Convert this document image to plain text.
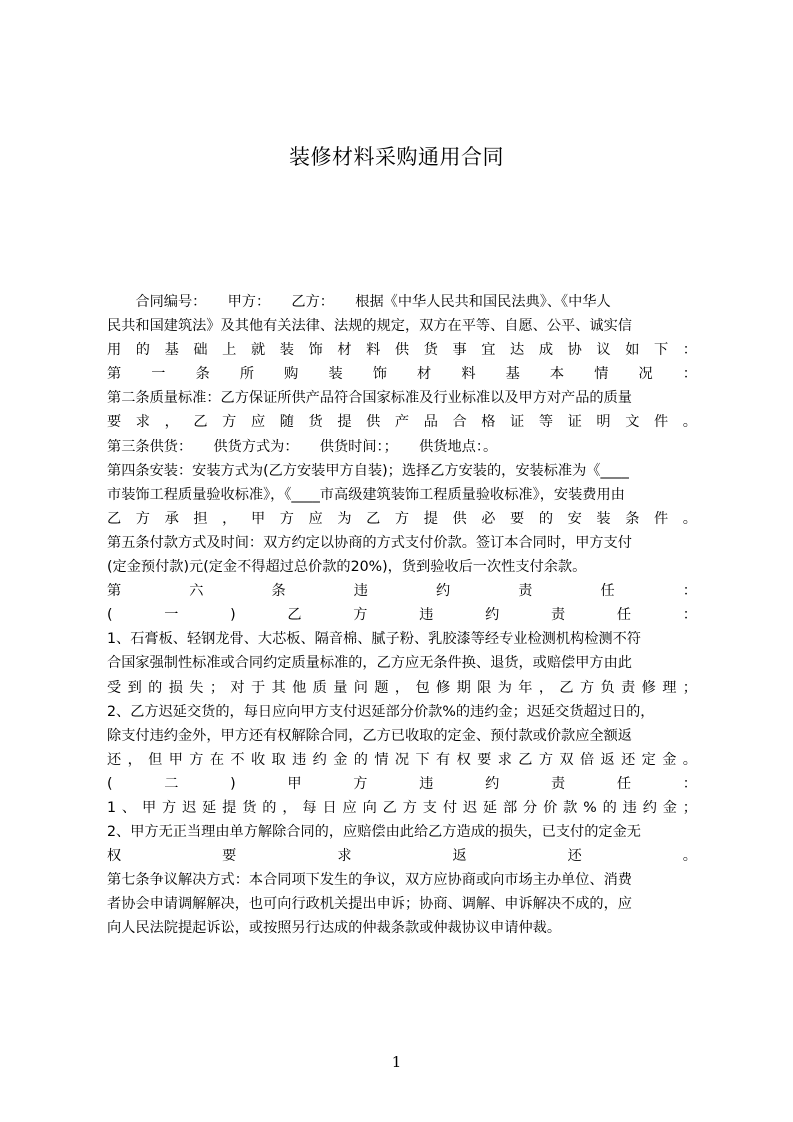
装修材料采购通用合同
　　合同编号：　　甲方：　　乙方：　　根据《中华人民共和国民法典》、《中华人
民共和国建筑法》及其他有关法律、法规的规定，双方在平等、自愿、公平、诚实信
用的基础上就装饰材料供货事宜达成协议如下：
第一条所购装饰材料基本情况：
第二条质量标准：乙方保证所供产品符合国家标准及行业标准以及甲方对产品的质量
要求，乙方应随货提供产品合格证等证明文件。
第三条供货：　　供货方式为：　　供货时间：；　　供货地点：。
第四条安装：安装方式为(乙方安装甲方自装)；选择乙方安装的，安装标准为《____
市装饰工程质量验收标准》，《____市高级建筑装饰工程质量验收标准》，安装费用由
乙方承担，甲方应为乙方提供必要的安装条件。
第五条付款方式及时间：双方约定以协商的方式支付价款。签订本合同时，甲方支付
(定金预付款)元(定金不得超过总价款的20%)，货到验收后一次性支付余款。
第六条违约责任：
(一)乙方违约责任：
1、石膏板、轻钢龙骨、大芯板、隔音棉、腻子粉、乳胶漆等经专业检测机构检测不符
合国家强制性标准或合同约定质量标准的，乙方应无条件换、退货，或赔偿甲方由此
受到的损失；对于其他质量问题，包修期限为年，乙方负责修理；
2、乙方迟延交货的，每日应向甲方支付迟延部分价款%的违约金；迟延交货超过日的，
除支付违约金外，甲方还有权解除合同，乙方已收取的定金、预付款或价款应全额返
还，但甲方在不收取违约金的情况下有权要求乙方双倍返还定金。
(二)甲方违约责任：
1、甲方迟延提货的，每日应向乙方支付迟延部分价款%的违约金；
2、甲方无正当理由单方解除合同的，应赔偿由此给乙方造成的损失，已支付的定金无
权要求返还。
第七条争议解决方式：本合同项下发生的争议，双方应协商或向市场主办单位、消费
者协会申请调解解决，也可向行政机关提出申诉；协商、调解、申诉解决不成的，应
向人民法院提起诉讼，或按照另行达成的仲裁条款或仲裁协议申请仲裁。
1
